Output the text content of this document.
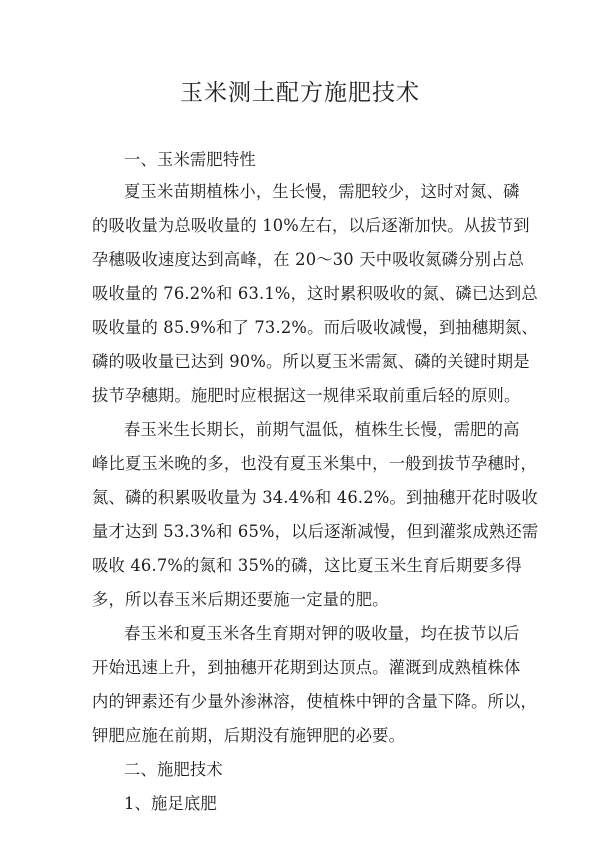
玉米测土配方施肥技术
一、玉米需肥特性
夏玉米苗期植株小，生长慢，需肥较少，这时对氮、磷
的吸收量为总吸收量的 10%左右，以后逐渐加快。从拔节到
孕穗吸收速度达到高峰，在 20～30 天中吸收氮磷分别占总
吸收量的 76.2%和 63.1%，这时累积吸收的氮、磷已达到总
吸收量的 85.9%和了 73.2%。而后吸收减慢，到抽穗期氮、
磷的吸收量已达到 90%。所以夏玉米需氮、磷的关键时期是
拔节孕穗期。施肥时应根据这一规律采取前重后轻的原则。
春玉米生长期长，前期气温低，植株生长慢，需肥的高
峰比夏玉米晚的多，也没有夏玉米集中，一般到拔节孕穗时，
氮、磷的积累吸收量为 34.4%和 46.2%。到抽穗开花时吸收
量才达到 53.3%和 65%，以后逐渐减慢，但到灌浆成熟还需
吸收 46.7%的氮和 35%的磷，这比夏玉米生育后期要多得
多，所以春玉米后期还要施一定量的肥。
春玉米和夏玉米各生育期对钾的吸收量，均在拔节以后
开始迅速上升，到抽穗开花期到达顶点。灌溉到成熟植株体
内的钾素还有少量外渗淋溶，使植株中钾的含量下降。所以，
钾肥应施在前期，后期没有施钾肥的必要。
二、施肥技术
1、施足底肥
